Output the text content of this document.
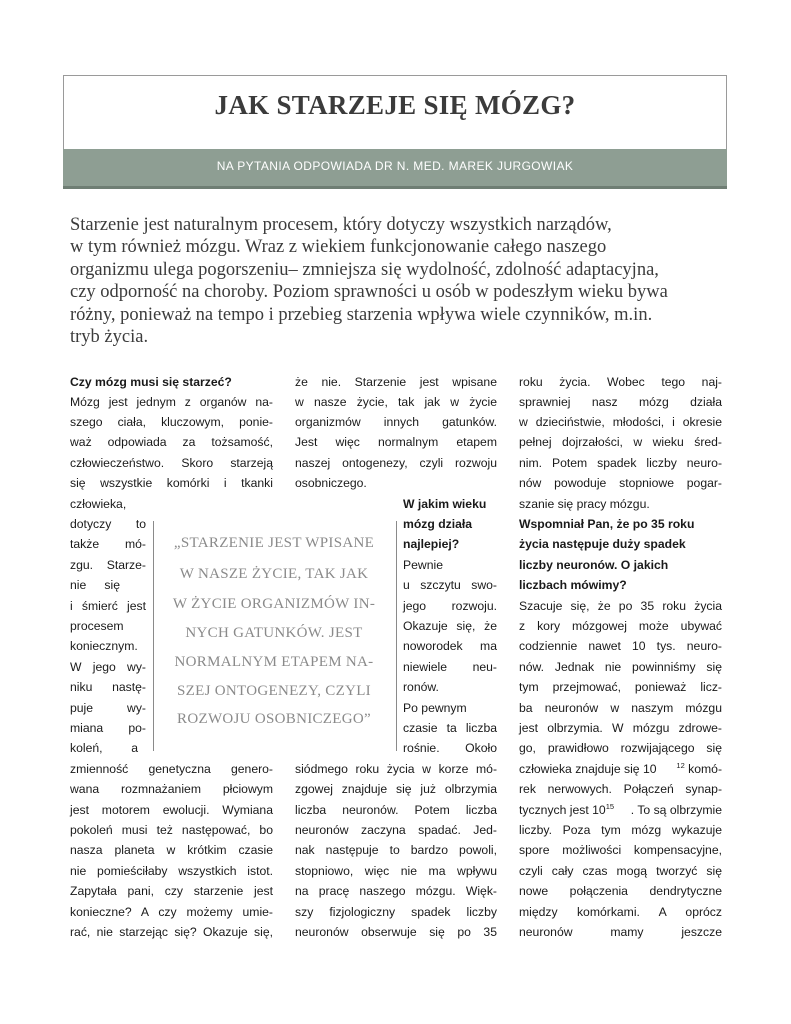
JAK STARZEJE SIĘ MÓZG?
NA PYTANIA ODPOWIADA DR N. MED. MAREK JURGOWIAK
Starzenie jest naturalnym procesem, który dotyczy wszystkich narządów,
w tym również mózgu. Wraz z wiekiem funkcjonowanie całego naszego
organizmu ulega pogorszeniu– zmniejsza się wydolność, zdolność adaptacyjna,
czy odporność na choroby. Poziom sprawności u osób w podeszłym wieku bywa
różny, ponieważ na tempo i przebieg starzenia wpływa wiele czynników, m.in.
tryb życia.
„STARZENIE JEST WPISANE
W NASZE ŻYCIE, TAK JAK
W ŻYCIE ORGANIZMÓW IN-
NYCH GATUNKÓW. JEST
NORMALNYM ETAPEM NA-
SZEJ ONTOGENEZY, CZYLI
ROZWOJU OSOBNICZEGO”
Czy mózg musi się starzeć?
Mózg jest jednym z organów na-
szego ciała, kluczowym, ponie-
waż odpowiada za tożsamość,
człowieczeństwo. Skoro starzeją
się wszystkie komórki i tkanki
człowieka,
dotyczy to
także mó-
zgu. Starze-
nie się
i śmierć jest
procesem
koniecznym.
W jego wy-
niku nastę-
puje wy-
miana po-
koleń, a
zmienność genetyczna genero-
wana rozmnażaniem płciowym
jest motorem ewolucji. Wymiana
pokoleń musi też następować, bo
nasza planeta w krótkim czasie
nie pomieściłaby wszystkich istot.
Zapytała pani, czy starzenie jest
konieczne? A czy możemy umie-
rać, nie starzejąc się? Okazuje się,
że nie. Starzenie jest wpisane
w nasze życie, tak jak w życie
organizmów innych gatunków.
Jest więc normalnym etapem
naszej ontogenezy, czyli rozwoju
osobniczego.
W jakim wieku
mózg działa
najlepiej?
Pewnie
u szczytu swo-
jego rozwoju.
Okazuje się, że
noworodek ma
niewiele neu-
ronów.
Po pewnym
czasie ta liczba
rośnie. Około
siódmego roku życia w korze mó-
zgowej znajduje się już olbrzymia
liczba neuronów. Potem liczba
neuronów zaczyna spadać. Jed-
nak następuje to bardzo powoli,
stopniowo, więc nie ma wpływu
na pracę naszego mózgu. Więk-
szy fizjologiczny spadek liczby
neuronów obserwuje się po 35
roku życia. Wobec tego naj-
sprawniej nasz mózg działa
w dzieciństwie, młodości, i okresie
pełnej dojrzałości, w wieku śred-
nim. Potem spadek liczby neuro-
nów powoduje stopniowe pogar-
szanie się pracy mózgu.
Wspomniał Pan, że po 35 roku
życia następuje duży spadek
liczby neuronów. O jakich
liczbach mówimy?
Szacuje się, że po 35 roku życia
z kory mózgowej może ubywać
codziennie nawet 10 tys. neuro-
nów. Jednak nie powinniśmy się
tym przejmować, ponieważ licz-
ba neuronów w naszym mózgu
jest olbrzymia. W mózgu zdrowe-
go, prawidłowo rozwijającego się
człowieka znajduje się 10	$^{12}$ komó-
rek nerwowych. Połączeń synap-
tycznych jest $10^{15}$ . To są olbrzymie
liczby. Poza tym mózg wykazuje
spore możliwości kompensacyjne,
czyli cały czas mogą tworzyć się
nowe połączenia dendrytyczne
między komórkami. A oprócz
neuronów mamy jeszcze
